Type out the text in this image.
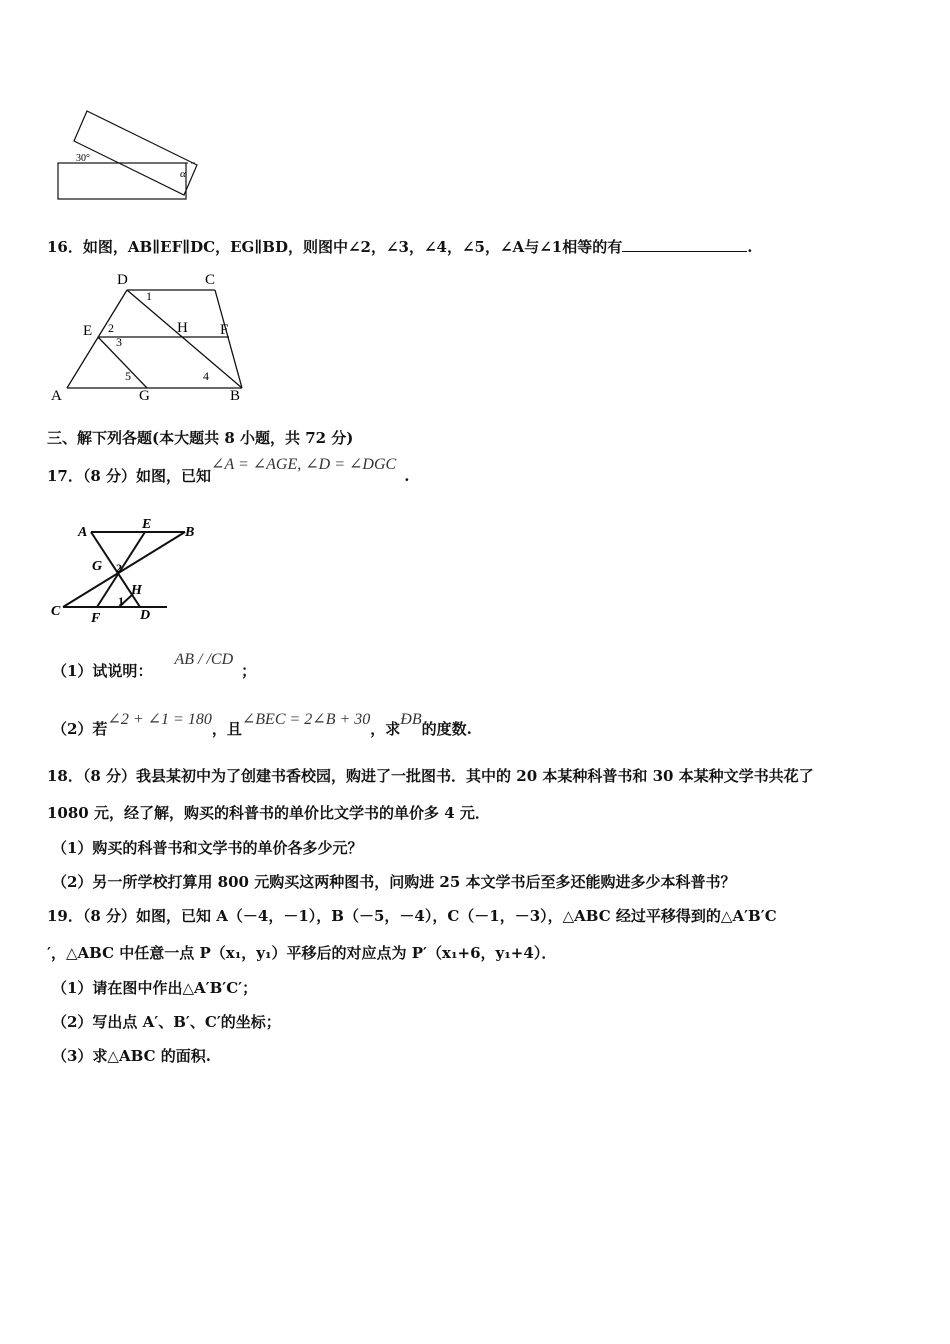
30°
α
16．如图，AB∥EF∥DC，EG∥BD，则图中∠2，∠3，∠4，∠5，∠A与∠1相等的有	.
D	C
E	H F
A	G	B
1
2
3
4
5
三、解下列各题(本大题共 8 小题，共 72 分)
17．（8 分）如图，已知∠A = ∠AGE, ∠D = ∠DGC.
A
E
B
G 2
H
1
C F	D
（1）试说明：AB / /CD；
（2）若∠2 + ∠1 = 180，且∠BEC = 2∠B + 30，求ÐB的度数.
18．（8 分）我县某初中为了创建书香校园，购进了一批图书．其中的 20 本某种科普书和 30 本某种文学书共花了
1080 元，经了解，购买的科普书的单价比文学书的单价多 4 元．
（1）购买的科普书和文学书的单价各多少元？
（2）另一所学校打算用 800 元购买这两种图书，问购进 25 本文学书后至多还能购进多少本科普书？
19．（8 分）如图，已知 A（－4，－1），B（－5，－4），C（－1，－3），△ABC 经过平移得到的△A′B′C
′，△ABC 中任意一点 P（x₁，y₁）平移后的对应点为 P′（x₁+6，y₁+4）．
（1）请在图中作出△A′B′C′；
（2）写出点 A′、B′、C′的坐标；
（3）求△ABC 的面积.
